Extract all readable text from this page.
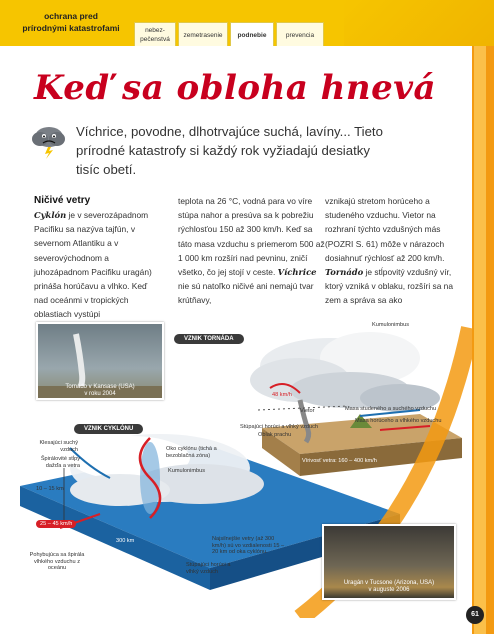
ochrana pred
prírodnými katastrofami	nebez-
pečenstvá
zemetrasenie	podnebie	prevencia
Keď sa obloha hnevá
Víchrice, povodne, dlhotrvajúce suchá, lavíny... Tieto prírodné katastrofy si každý rok vyžiadajú desiatky tisíc obetí.
Ničivé vetry
Cyklón je v severozápadnom Pacifiku sa nazýva tajfún, v severnom Atlantiku a v severovýchodnom a juhozápadnom Pacifiku uragán) prináša horúčavu a vlhko. Keď nad oceánmi v tropických oblastiach vystúpi
teplota na 26 °C, vodná para vo víre stúpa nahor a presúva sa k pobrežiu rýchlosťou 150 až 300 km/h. Keď sa táto masa vzduchu s priemerom 500 až 1 000 km rozšíri nad pevninu, zničí všetko, čo jej stojí v ceste. Víchrice nie sú natoľko ničivé ani nemajú tvar krútňavy,
vznikajú stretom horúceho a studeného vzduchu. Vietor na rozhraní týchto vzdušných más (POZRI S. 61) môže v nárazoch dosiahnuť rýchlosť až 200 km/h. Tornádo je stĺpovitý vzdušný vír, ktorý vzniká v oblaku, rozšíri sa na zem a správa sa ako
Tornádo v Kansase (USA)
v roku 2004
Uragán v Tucsone (Arizona, USA)
v auguste 2006
VZNIK TORNÁDA
VZNIK CYKLÓNU
Kumulonimbus
48 km/h
Vietor	Masa studeného a suchého vzduchu
Masa horúceho a vlhkého vzduchu
Stúpajúci horúci a vlhký vzduch
Oblak prachu
Vírivosť vetra: 160 – 400 km/h
Klesajúci suchý vzduch
Špirálovité stĺpy dažďa a vetra
Oko cyklónu (tichá a bezoblačná zóna)
Kumulonimbus
10 – 15 km
25 – 45 km/h
Pohybujúca sa špirála vlhkého vzduchu z oceánu
300 km	Najsilnejšie vetry (až 300 km/h) sú vo vzdialenosti 15 – 20 km od oka cyklónu.
Stúpajúci horúci a vlhký vzduch
61
